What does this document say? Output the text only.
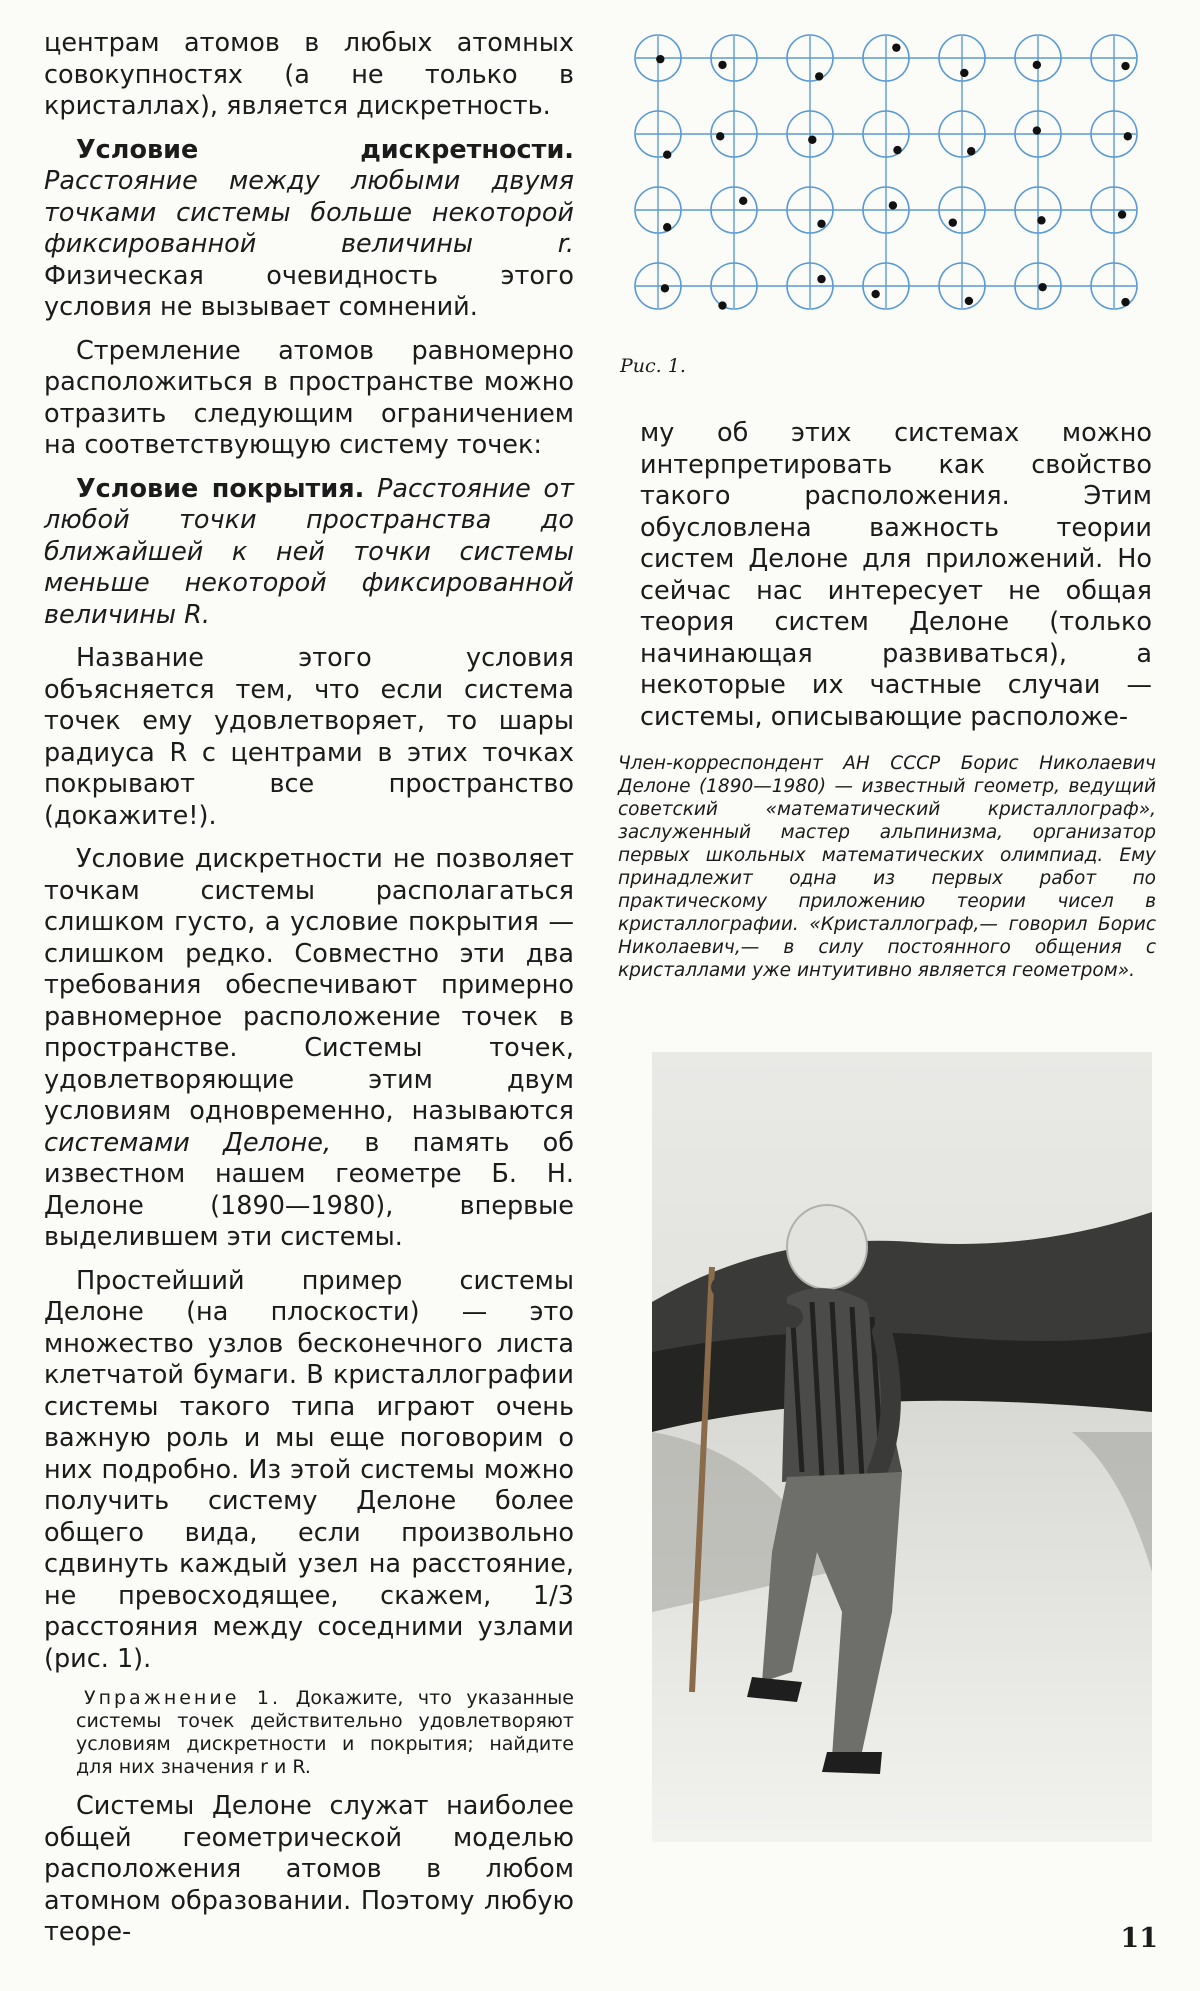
центрам атомов в любых атомных совокупностях (а не только в кристаллах), является дискретность.

Условие дискретности. Расстояние между любыми двумя точками системы больше некоторой фиксированной величины r. Физическая очевидность этого условия не вызывает сомнений.

Стремление атомов равномерно расположиться в пространстве можно отразить следующим ограничением на соответствующую систему точек:

Условие покрытия. Расстояние от любой точки пространства до ближайшей к ней точки системы меньше некоторой фиксированной величины R.

Название этого условия объясняется тем, что если система точек ему удовлетворяет, то шары радиуса R с центрами в этих точках покрывают все пространство (докажите!).

Условие дискретности не позволяет точкам системы располагаться слишком густо, а условие покрытия — слишком редко. Совместно эти два требования обеспечивают примерно равномерное расположение точек в пространстве. Системы точек, удовлетворяющие этим двум условиям одновременно, называются системами Делоне, в память об известном нашем геометре Б. Н. Делоне (1890—1980), впервые выделившем эти системы.

Простейший пример системы Делоне (на плоскости) — это множество узлов бесконечного листа клетчатой бумаги. В кристаллографии системы такого типа играют очень важную роль и мы еще поговорим о них подробно. Из этой системы можно получить систему Делоне более общего вида, если произвольно сдвинуть каждый узел на расстояние, не превосходящее, скажем, 1/3 расстояния между соседними узлами (рис. 1).

Упражнение 1. Докажите, что указанные системы точек действительно удовлетворяют условиям дискретности и покрытия; найдите для них значения r и R.

Системы Делоне служат наиболее общей геометрической моделью расположения атомов в любом атомном образовании. Поэтому любую теоре-

Рис. 1.

му об этих системах можно интерпретировать как свойство такого расположения. Этим обусловлена важность теории систем Делоне для приложений. Но сейчас нас интересует не общая теория систем Делоне (только начинающая развиваться), а некоторые их частные случаи — системы, описывающие расположе-

Член-корреспондент АН СССР Борис Николаевич Делоне (1890—1980) — известный геометр, ведущий советский «математический кристаллограф», заслуженный мастер альпинизма, организатор первых школьных математических олимпиад. Ему принадлежит одна из первых работ по практическому приложению теории чисел в кристаллографии. «Кристаллограф,— говорил Борис Николаевич,— в силу постоянного общения с кристаллами уже интуитивно является геометром».

11
